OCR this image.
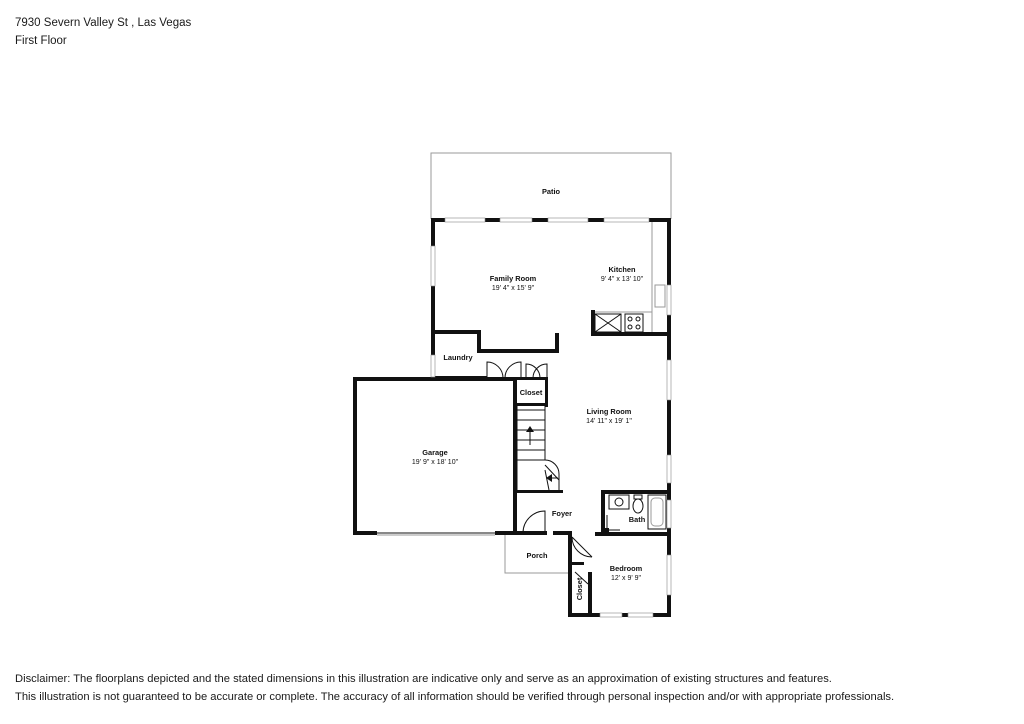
7930 Severn Valley St , Las Vegas
First Floor
Patio
Family Room
19' 4" x 15' 9"
Kitchen
9' 4" x 13' 10"
Laundry
Closet
Living Room
14' 11" x 19' 1"
Garage
19' 9" x 18' 10"
Foyer
Bath
Porch
Bedroom
12' x 9' 9"
Closet
Disclaimer: The floorplans depicted and the stated dimensions in this illustration are indicative only and serve as an approximation of existing structures and features.
This illustration is not guaranteed to be accurate or complete. The accuracy of all information should be verified through personal inspection and/or with appropriate professionals.
